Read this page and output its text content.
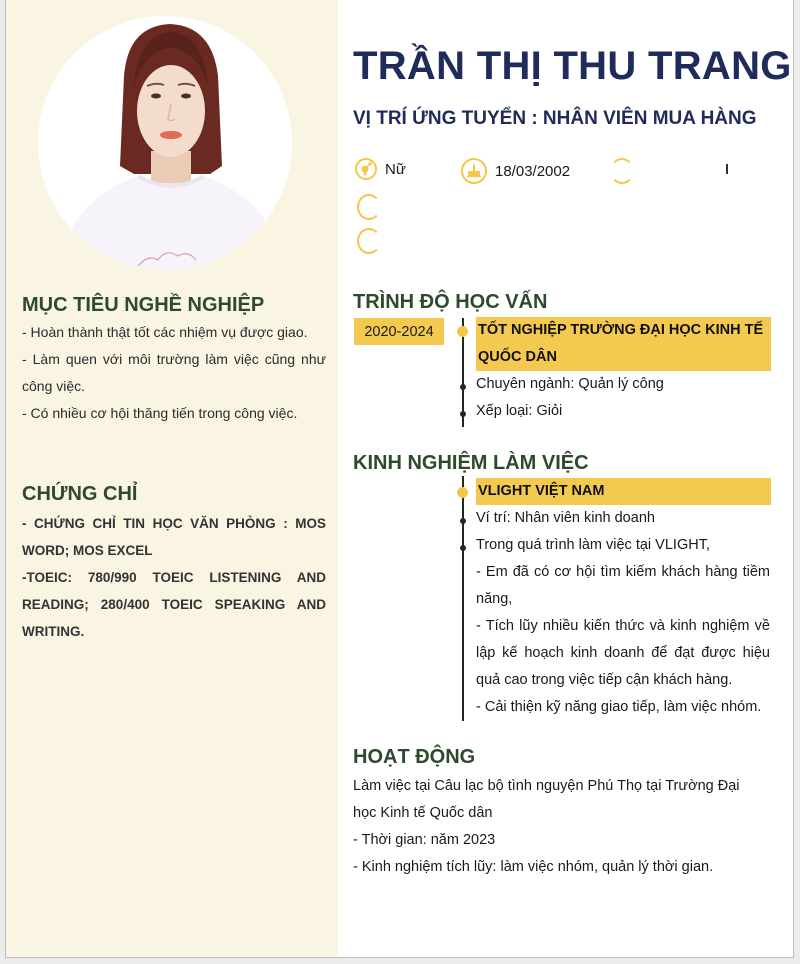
MỤC TIÊU NGHỀ NGHIỆP

- Hoàn thành thật tốt các nhiệm vụ được giao.

- Làm quen với môi trường làm việc cũng như công việc.

- Có nhiều cơ hội thăng tiến trong công việc.

CHỨNG CHỈ

- CHỨNG CHỈ TIN HỌC VĂN PHÒNG : MOS WORD; MOS EXCEL

-TOEIC: 780/990 TOEIC LISTENING AND READING; 280/400 TOEIC SPEAKING AND WRITING.

TRẦN THỊ THU TRANG
VỊ TRÍ ỨNG TUYỂN : NHÂN VIÊN MUA HÀNG
Nữ	18/03/2002
TRÌNH ĐỘ HỌC VẤN
2020-2024	TỐT NGHIỆP TRƯỜNG ĐẠI HỌC KINH TẾ QUỐC DÂN
Chuyên ngành: Quản lý công
Xếp loại: Giỏi
KINH NGHIỆM LÀM VIỆC
VLIGHT VIỆT NAM
Ví trí: Nhân viên kinh doanh
Trong quá trình làm việc tại VLIGHT,
- Em đã có cơ hội tìm kiếm khách hàng tiềm năng,
- Tích lũy nhiều kiến thức và kinh nghiệm về lập kế hoạch kinh doanh để đạt được hiệu quả cao trong việc tiếp cận khách hàng.
- Cải thiện kỹ năng giao tiếp, làm việc nhóm.
HOẠT ĐỘNG

Làm việc tại Câu lạc bộ tình nguyện Phú Thọ tại Trường Đại học Kinh tế Quốc dân

- Thời gian: năm 2023

- Kinh nghiệm tích lũy: làm việc nhóm, quản lý thời gian.
